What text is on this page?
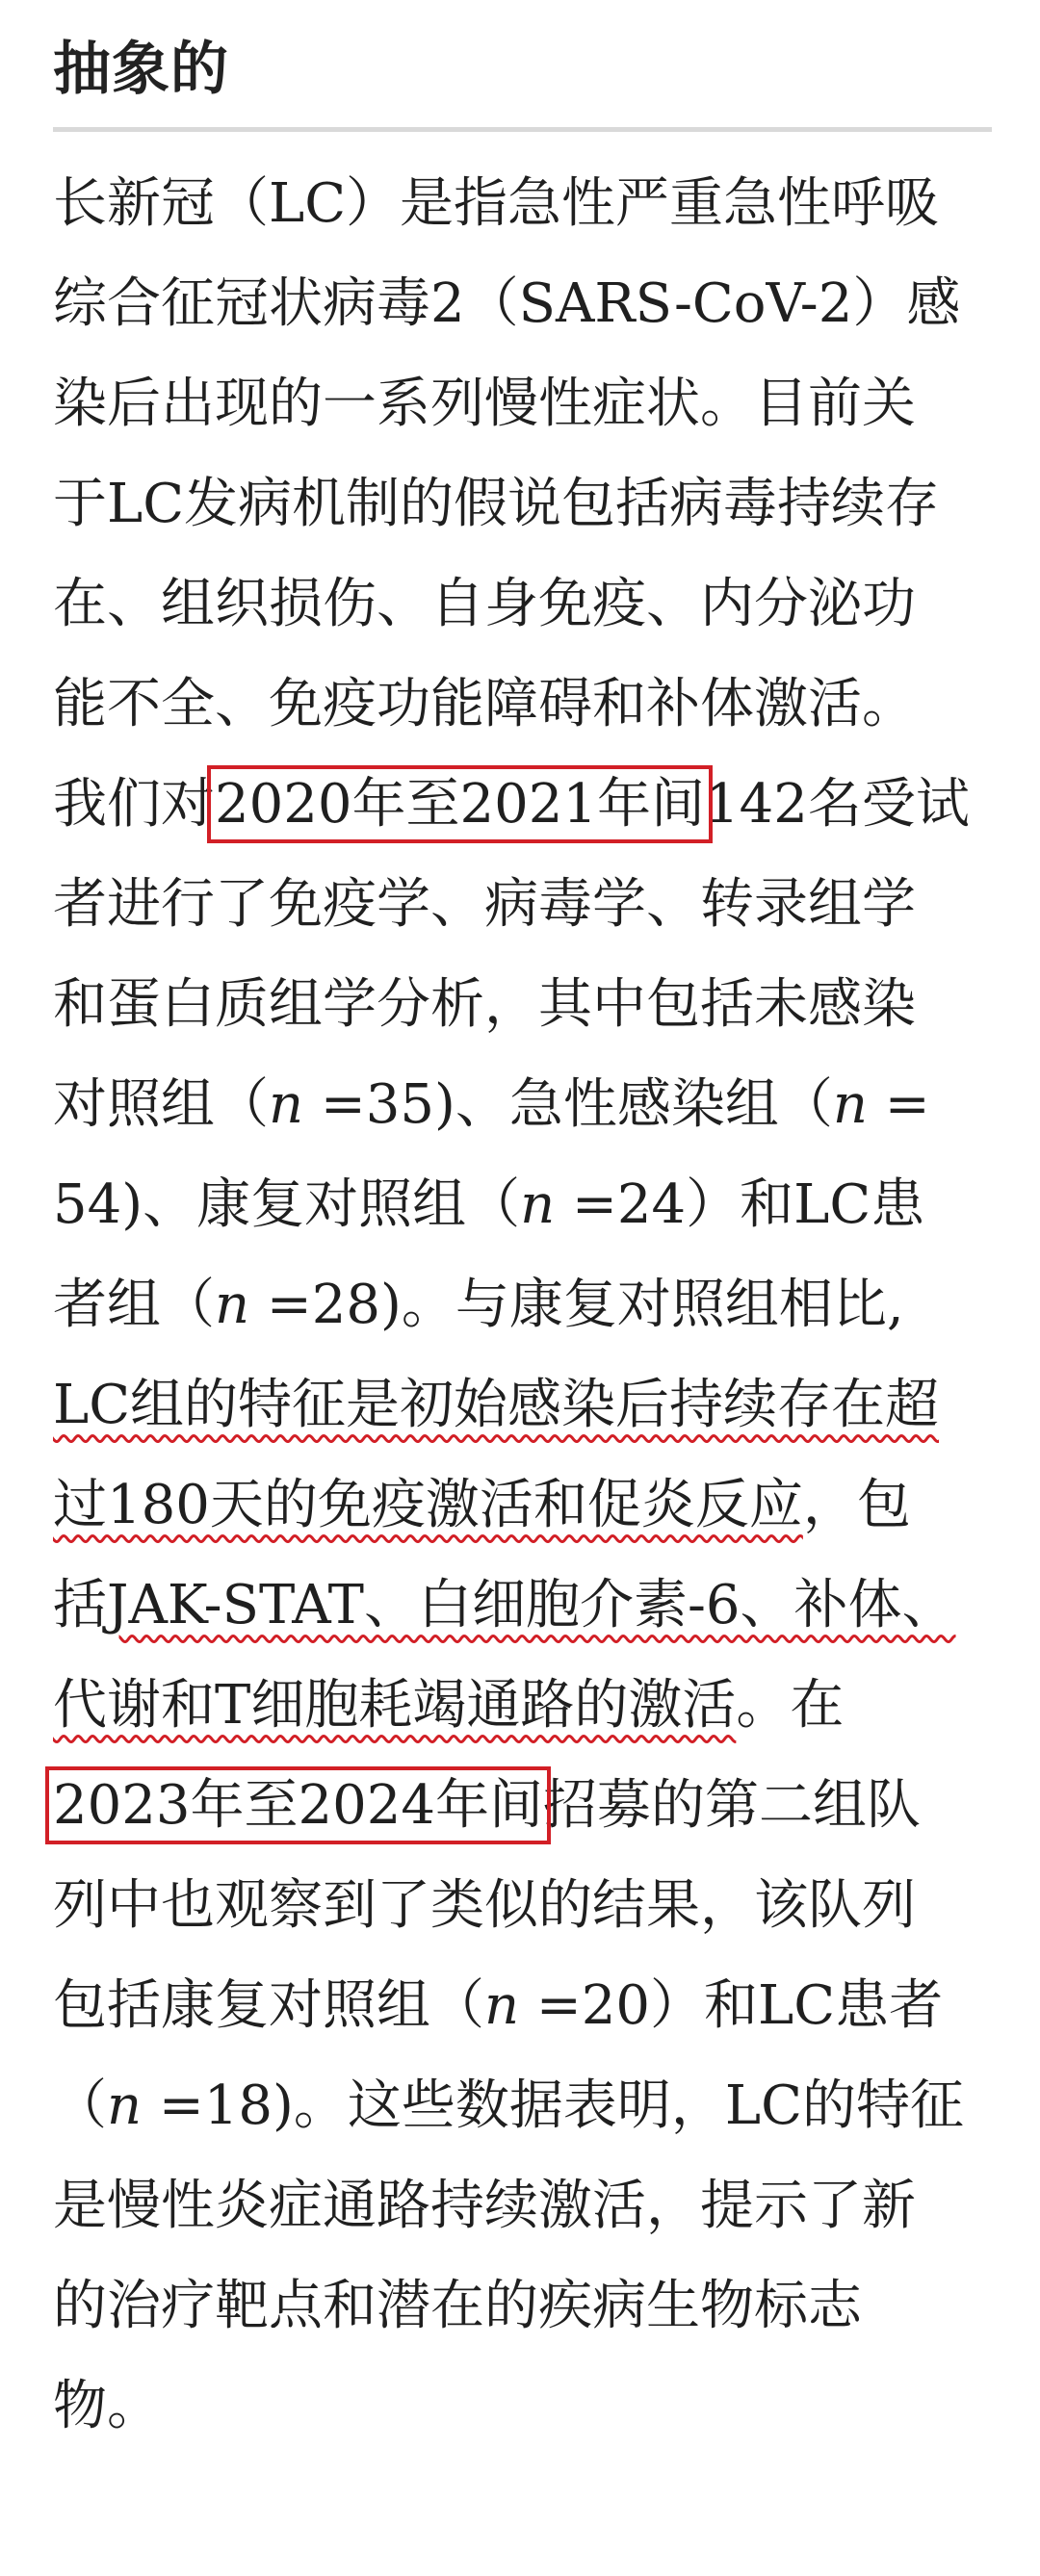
抽象的
长新冠（LC）是指急性严重急性呼吸
综合征冠状病毒2（SARS-CoV-2）感
染后出现的一系列慢性症状。目前关
于LC发病机制的假说包括病毒持续存
在、组织损伤、自身免疫、内分泌功
能不全、免疫功能障碍和补体激活。
我们对2020年至2021年间142名受试
者进行了免疫学、病毒学、转录组学
和蛋白质组学分析，其中包括未感染
对照组（n =35)、急性感染组（n =
54)、康复对照组（n =24）和LC患
者组（n =28)。与康复对照组相比,
LC组的特征是初始感染后持续存在超
过180天的免疫激活和促炎反应，包
括JAK-STAT、白细胞介素-6、补体、
代谢和T细胞耗竭通路的激活。在
2023年至2024年间招募的第二组队
列中也观察到了类似的结果，该队列
包括康复对照组（n =20）和LC患者
（n =18)。这些数据表明，LC的特征
是慢性炎症通路持续激活，提示了新
的治疗靶点和潜在的疾病生物标志
物。
